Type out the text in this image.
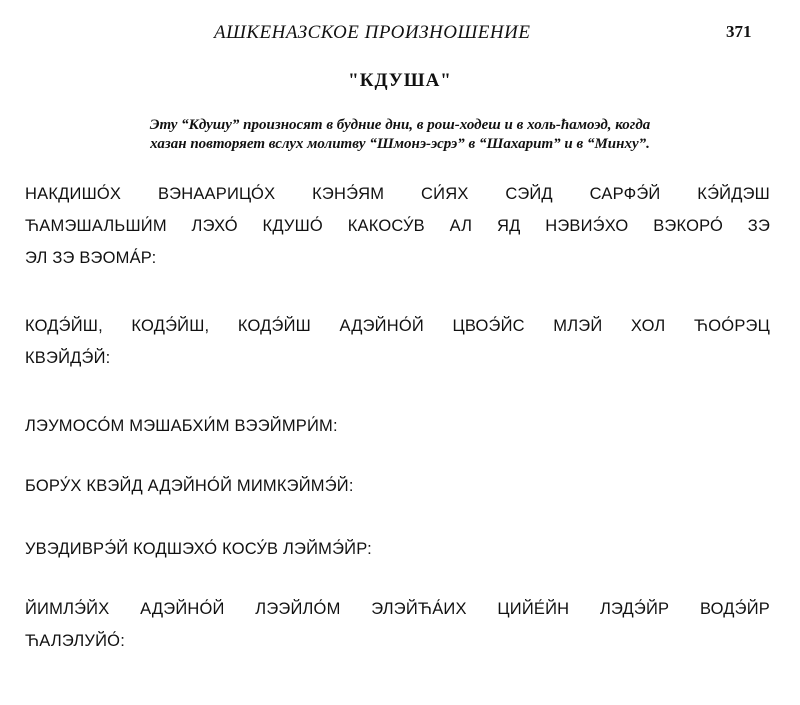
АШКЕНАЗСКОЕ ПРОИЗНОШЕНИЕ	371
"КДУША"
Эту “Кдушу” произносят в будние дни, в рош-ходеш и в холь-ћамоэд, когда
хазан повторяет вслух молитву “Шмонэ-эсрэ” в “Шахарит” и в “Минху”.
НАКДИШО́Х ВЭНААРИЦО́Х КЭНЭ́ЯМ СИ́ЯХ СЭЙД САРФЭ́Й КЭ́ЙДЭШ
ЋАМЭШАЛЬШИ́М ЛЭХО́ КДУШО́ КАКОСУ́В АЛ ЯД НЭВИЭ́ХО ВЭКОРО́ ЗЭ
ЭЛ ЗЭ ВЭОМА́Р:
КОДЭ́ЙШ, КОДЭ́ЙШ, КОДЭ́ЙШ АДЭЙНО́Й ЦВОЭ́ЙС МЛЭЙ ХОЛ ЋОО́РЭЦ
КВЭЙДЭ́Й:
ЛЭУМОСО́М МЭШАБХИ́М ВЭЭЙМРИ́М:
БОРУ́Х КВЭЙД АДЭЙНО́Й МИМКЭЙМЭ́Й:
УВЭДИВРЭ́Й КОДШЭХО́ КОСУ́В ЛЭЙМЭ́ЙР:
ЙИМЛЭ́ЙХ АДЭЙНО́Й ЛЭЭЙЛО́М ЭЛЭЙЋА́ИХ ЦИЙЕ́ЙН ЛЭДЭ́ЙР ВОДЭ́ЙР
ЋАЛЭЛУЙО́:
